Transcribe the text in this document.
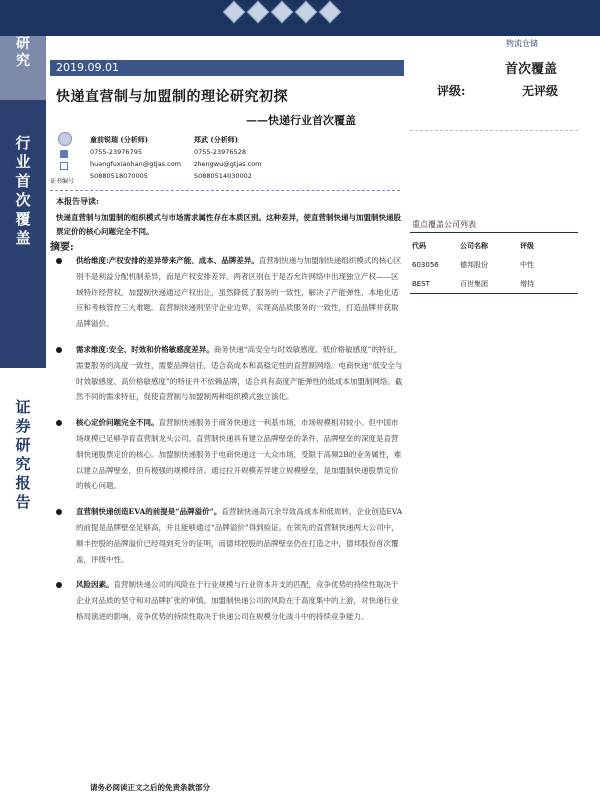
研
究
行
业
首
次
覆
盖
证
券
研
究
报
告
物流仓储
首次覆盖
评级:	无评级
2019.09.01
快递直营制与加盟制的理论研究初探
——快递行业首次覆盖
证书编号
童前锐瑞 (分析师)
0755-23976795
huangfuxiaohan@gtjas.com
S0880518070005
郑武 (分析师)
0755-23976528
zhengwu@gtjas.com
S0880514030002
本报告导读:
快递直营制与加盟制的组织模式与市场需求属性存在本质区别。这种差异，使直营制快递与加盟制快递股票定价的核心问题完全不同。
摘要:
供给维度:产权安排的差异带来产能、成本、品牌差异。直营制快递与加盟制快递组织模式的核心区别不是利益分配机制差异，而是产权安排差异。两者区别在于是否允许网络中出现独立产权——区域特许经营权。加盟制快递通过产权出让，虽然降低了服务的一致性，解决了产能弹性、本地化适应和考核管控三大难题。直营制快递则坚守企业边界，实现高品质服务的一致性，打造品牌并获取品牌溢价。
需求维度:安全、时效和价格敏感度差异。商务快递“高安全与时效敏感度、低价格敏感度”的特征，需要服务的高度一致性，需要品牌信任，适合高成本和高稳定性的直营制网络。电商快递“低安全与时效敏感度、高价格敏感度”的特征并不依赖品牌，适合具有高度产能弹性的低成本加盟制网络。截然不同的需求特征，促使直营制与加盟制两种组织模式独立演化。
核心定价问题完全不同。直营制快递服务于商务快递这一利基市场，市场规模相对较小。但中国市场规模已足够孕育直营制龙头公司。直营制快递具有建立品牌壁垒的条件，品牌壁垒的深度是直营制快递股票定价的核心。加盟制快递服务于电商快递这一大众市场，受限于高频2B的业务属性，难以建立品牌壁垒，但有极强的规模经济。通过拉开规模差异建立规模壁垒，是加盟制快递股票定价的核心问题。
直营制快递创造EVA的前提是“品牌溢价”。直营制快递高冗余导致高成本和低周转，企业创造EVA的前提是品牌壁垒足够高，并且能够通过“品牌溢价”得到验证。在领先的直营制快递两大公司中，顺丰控股的品牌溢价已经得到充分的证明，而德邦控股的品牌壁垒仍在打造之中，德邦股份首次覆盖，评级中性。
风险因素。直营制快递公司的风险在于行业规模与行业资本开支的匹配，竞争优势的持续性取决于企业对品质的坚守和对品牌扩张的审慎。加盟制快递公司的风险在于高度集中的上游，对快递行业格局演进的影响，竞争优势的持续性取决于快递公司在规模分化战斗中的持续竞争能力。
重点覆盖公司列表
代码	公司名称	评级
603056	德邦股份	中性
BEST	百世集团	增持
请务必阅读正文之后的免责条款部分
